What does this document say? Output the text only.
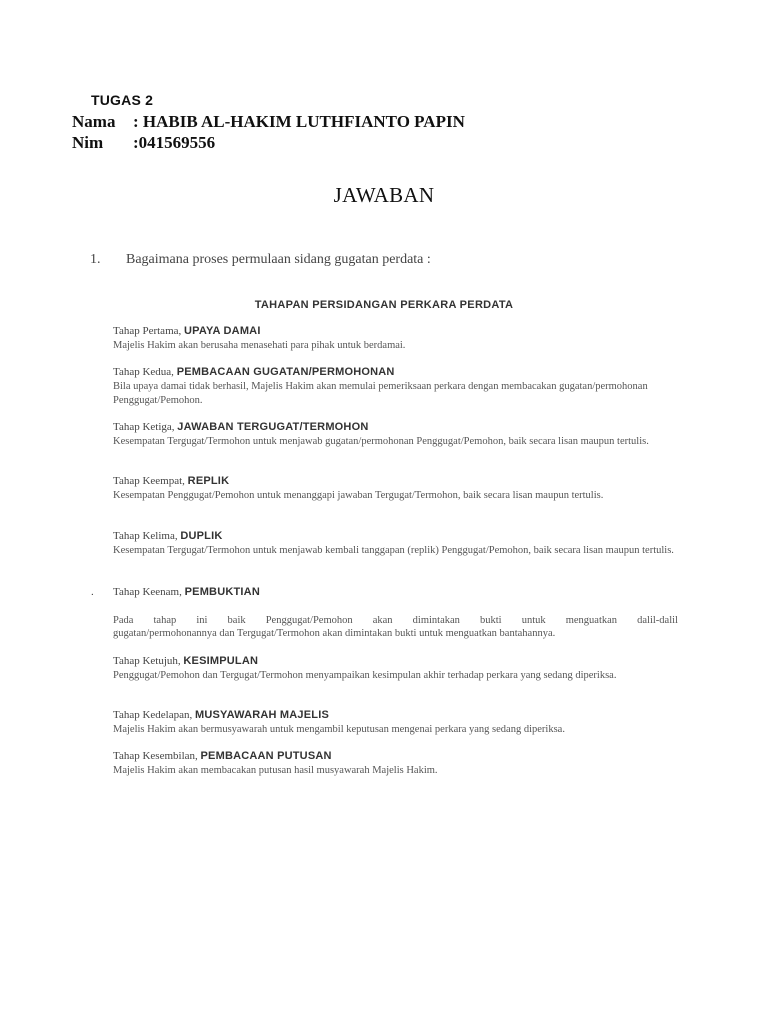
TUGAS 2
Nama : HABIB AL-HAKIM LUTHFIANTO PAPIN
Nim :041569556
JAWABAN
1. Bagaimana proses permulaan sidang gugatan perdata :
TAHAPAN PERSIDANGAN PERKARA PERDATA
Tahap Pertama, UPAYA DAMAI
Majelis Hakim akan berusaha menasehati para pihak untuk berdamai.
Tahap Kedua, PEMBACAAN GUGATAN/PERMOHONAN
Bila upaya damai tidak berhasil, Majelis Hakim akan memulai pemeriksaan perkara dengan membacakan gugatan/permohonan Penggugat/Pemohon.
Tahap Ketiga, JAWABAN TERGUGAT/TERMOHON
Kesempatan Tergugat/Termohon untuk menjawab gugatan/permohonan Penggugat/Pemohon, baik secara lisan maupun tertulis.
Tahap Keempat, REPLIK
Kesempatan Penggugat/Pemohon untuk menanggapi jawaban Tergugat/Termohon, baik secara lisan maupun tertulis.
Tahap Kelima, DUPLIK
Kesempatan Tergugat/Termohon untuk menjawab kembali tanggapan (replik) Penggugat/Pemohon, baik secara lisan maupun tertulis.
. Tahap Keenam, PEMBUKTIAN
Pada tahap ini baik Penggugat/Pemohon akan dimintakan bukti untuk menguatkan dalil-dalil
gugatan/permohonannya dan Tergugat/Termohon akan dimintakan bukti untuk menguatkan bantahannya.
Tahap Ketujuh, KESIMPULAN
Penggugat/Pemohon dan Tergugat/Termohon menyampaikan kesimpulan akhir terhadap perkara yang sedang diperiksa.
Tahap Kedelapan, MUSYAWARAH MAJELIS
Majelis Hakim akan bermusyawarah untuk mengambil keputusan mengenai perkara yang sedang diperiksa.
Tahap Kesembilan, PEMBACAAN PUTUSAN
Majelis Hakim akan membacakan putusan hasil musyawarah Majelis Hakim.
